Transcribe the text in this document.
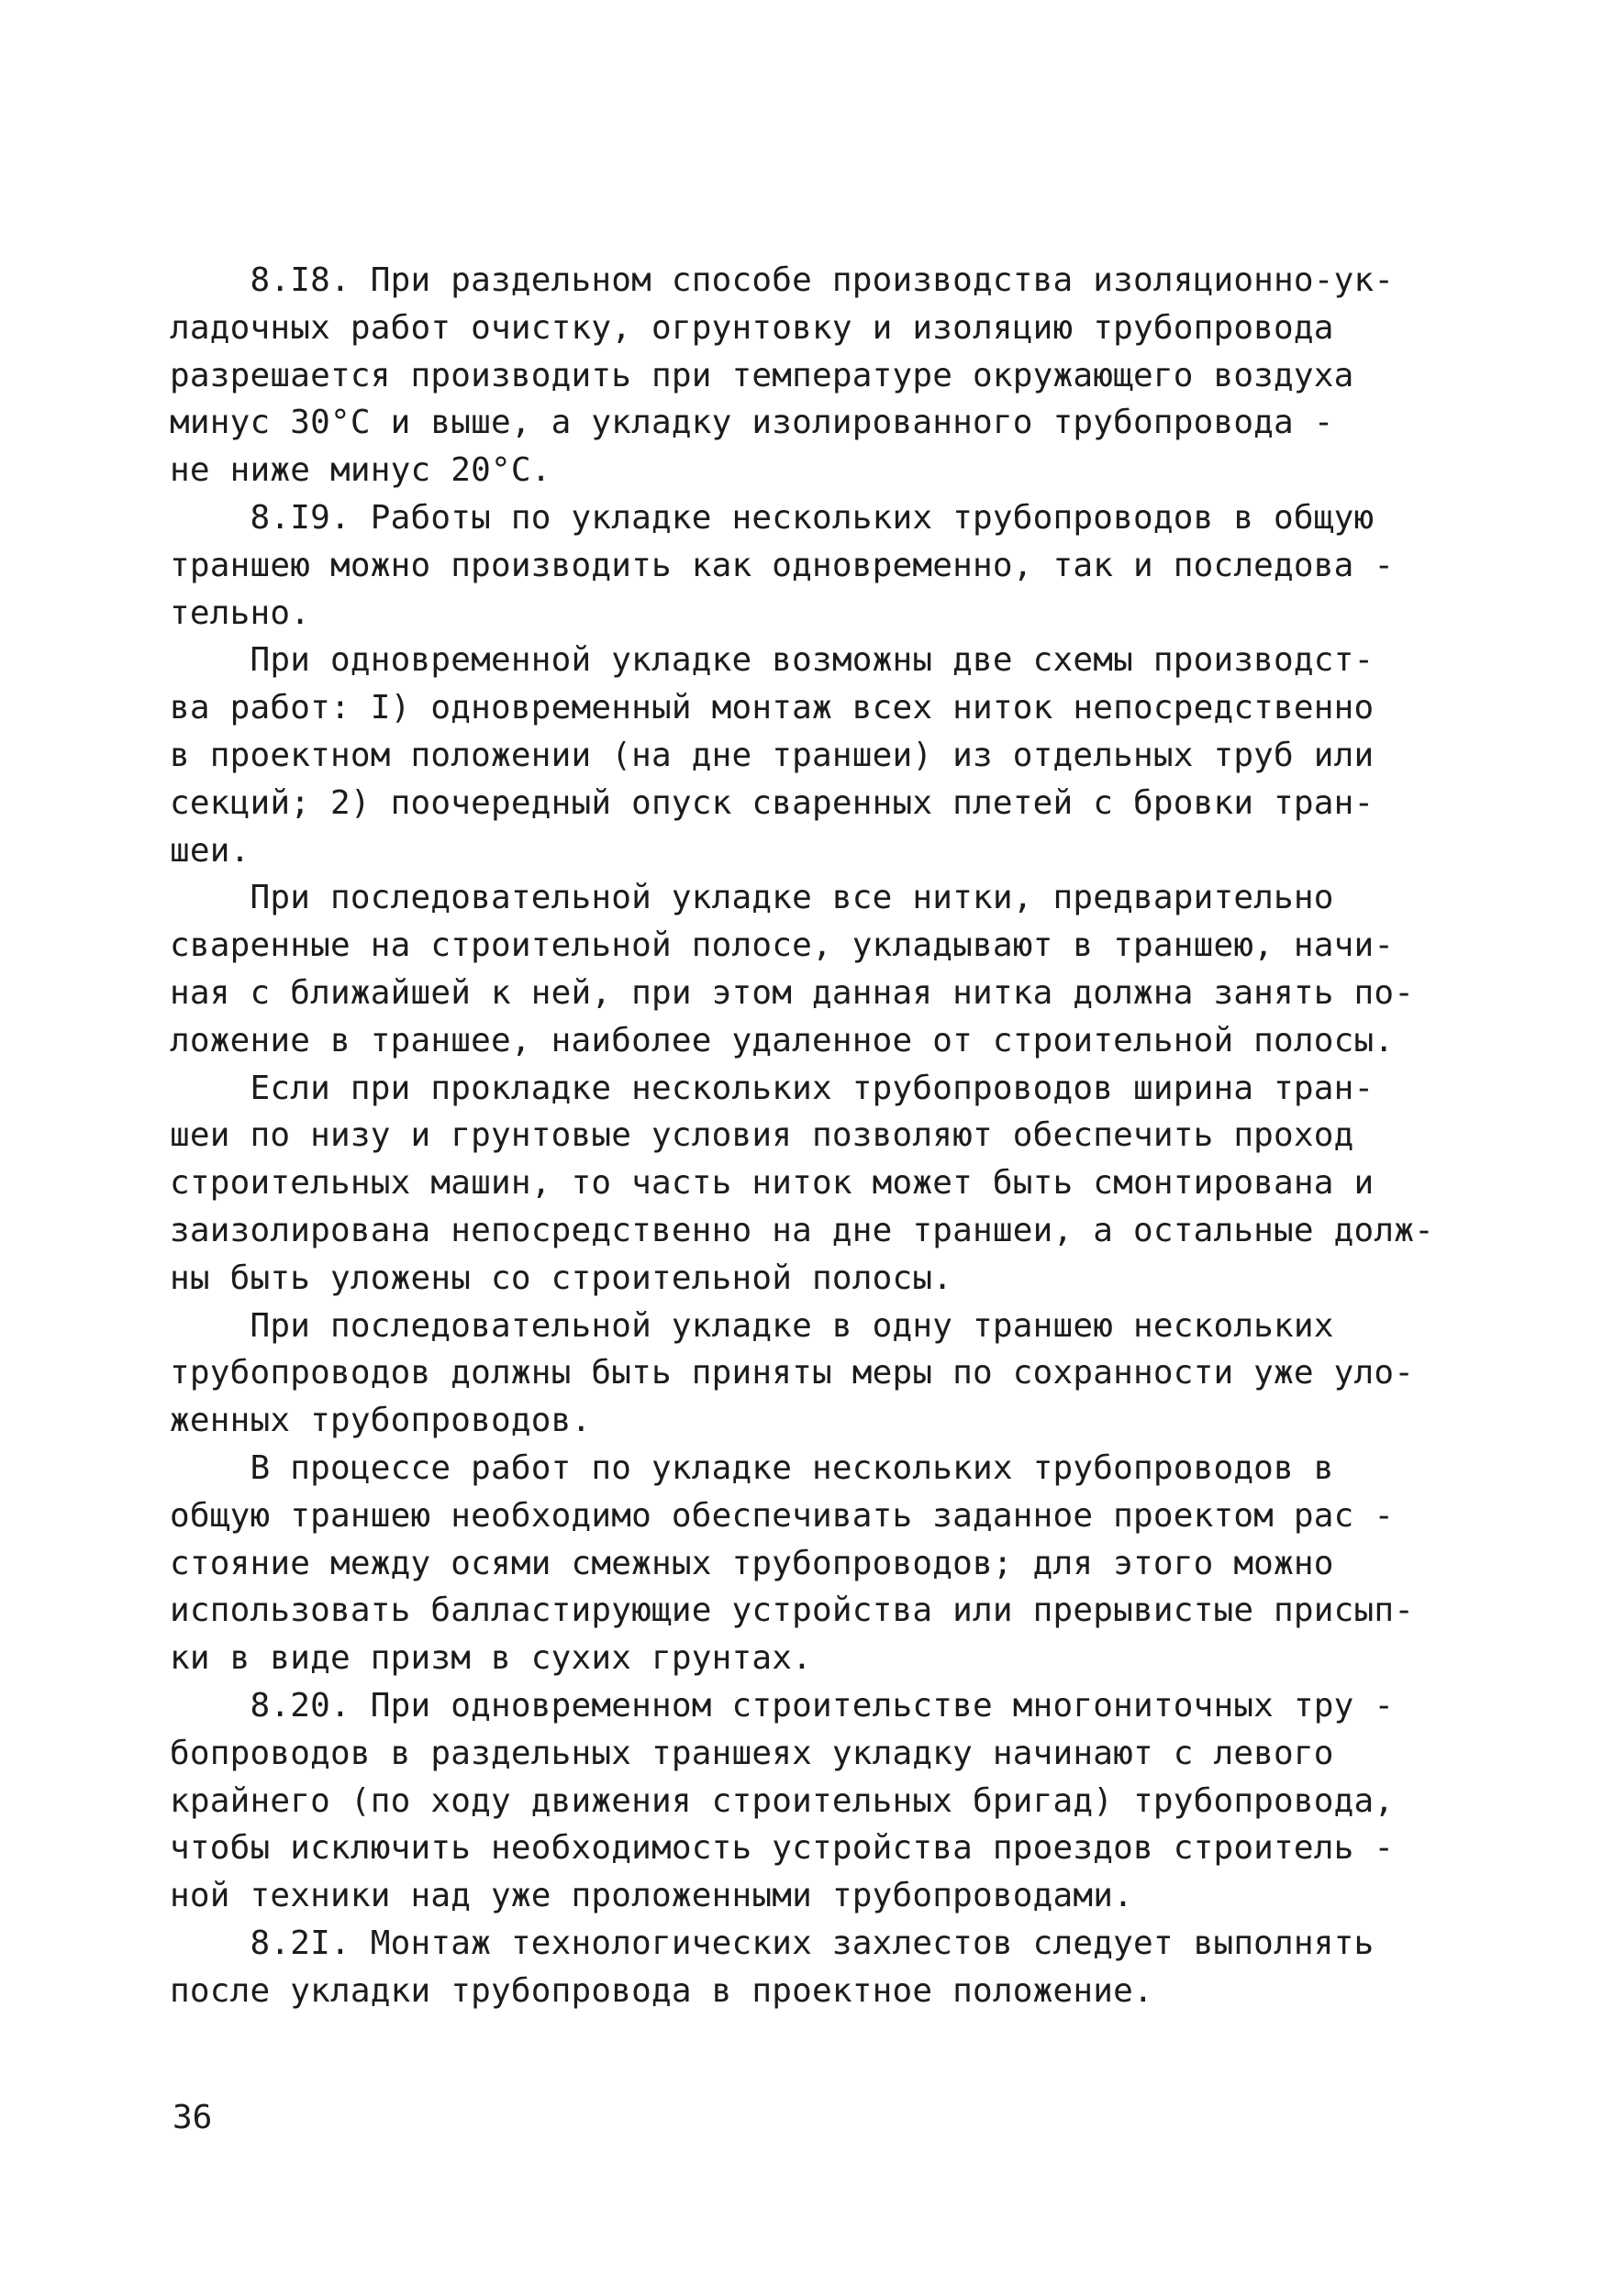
8.I8. При раздельном способе производства изоляционно-ук-
ладочных работ очистку, огрунтовку и изоляцию трубопровода
разрешается производить при температуре окружающего воздуха
минус 30°С и выше, а укладку изолированного трубопровода -
не ниже минус 20°С.
8.I9. Работы по укладке нескольких трубопроводов в общую
траншею можно производить как одновременно, так и последова -
тельно.
При одновременной укладке возможны две схемы производст-
ва работ: I) одновременный монтаж всех ниток непосредственно
в проектном положении (на дне траншеи) из отдельных труб или
секций; 2) поочередный опуск сваренных плетей с бровки тран-
шеи.
При последовательной укладке все нитки, предварительно
сваренные на строительной полосе, укладывают в траншею, начи-
ная с ближайшей к ней, при этом данная нитка должна занять по-
ложение в траншее, наиболее удаленное от строительной полосы.
Если при прокладке нескольких трубопроводов ширина тран-
шеи по низу и грунтовые условия позволяют обеспечить проход
строительных машин, то часть ниток может быть смонтирована и
заизолирована непосредственно на дне траншеи, а остальные долж-
ны быть уложены со строительной полосы.
При последовательной укладке в одну траншею нескольких
трубопроводов должны быть приняты меры по сохранности уже уло-
женных трубопроводов.
В процессе работ по укладке нескольких трубопроводов в
общую траншею необходимо обеспечивать заданное проектом рас -
стояние между осями смежных трубопроводов; для этого можно
использовать балластирующие устройства или прерывистые присып-
ки в виде призм в сухих грунтах.
8.20. При одновременном строительстве многониточных тру -
бопроводов в раздельных траншеях укладку начинают с левого
крайнего (по ходу движения строительных бригад) трубопровода,
чтобы исключить необходимость устройства проездов строитель -
ной техники над уже проложенными трубопроводами.
8.2I. Монтаж технологических захлестов следует выполнять
после укладки трубопровода в проектное положение.
36
